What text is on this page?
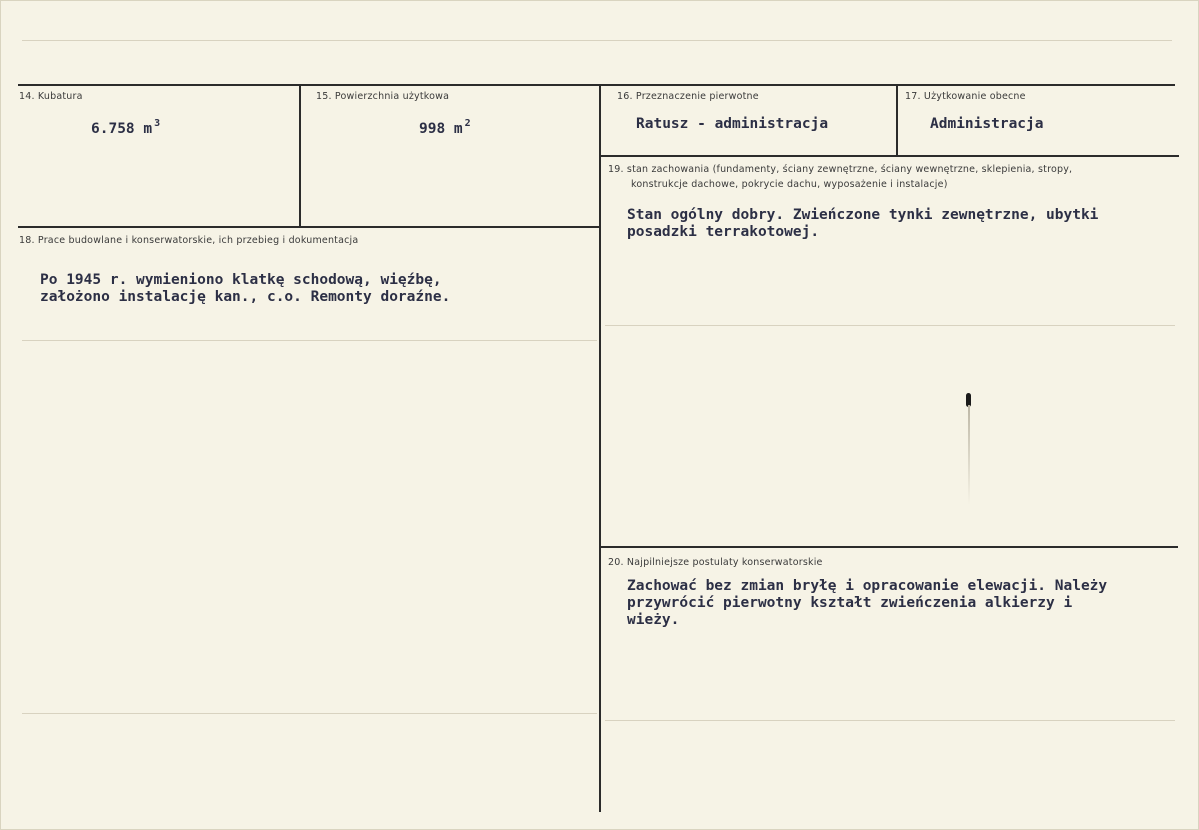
14. Kubatura
6.758 m $^3$
15. Powierzchnia użytkowa
998 m $^2$
16. Przeznaczenie pierwotne
Ratusz - administracja
17. Użytkowanie obecne
Administracja
18. Prace budowlane i konserwatorskie, ich przebieg i dokumentacja
Po 1945 r. wymieniono klatkę schodową, więźbę,
założono instalację kan., c.o. Remonty doraźne.
19. stan zachowania (fundamenty, ściany zewnętrzne, ściany wewnętrzne, sklepienia, stropy,
konstrukcje dachowe, pokrycie dachu, wyposażenie i instalacje)
Stan ogólny dobry. Zwieńczone tynki zewnętrzne, ubytki
posadzki terrakotowej.
20. Najpilniejsze postulaty konserwatorskie
Zachować bez zmian bryłę i opracowanie elewacji. Należy
przywrócić pierwotny kształt zwieńczenia alkierzy i
wieży.
